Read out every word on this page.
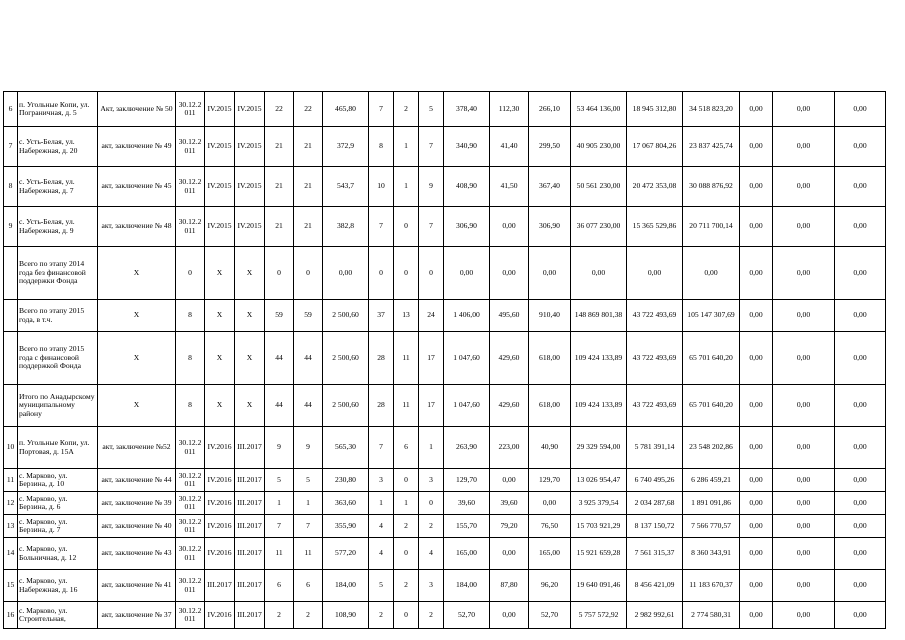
6	п. Угольные Копи, ул. Пограничная, д. 5	Акт, заключение № 50	30.12.2011	IV.2015	IV.2015	22	22	465,80	7	2	5	378,40	112,30	266,10	53 464 136,00	18 945 312,80	34 518 823,20	0,00	0,00	0,00
7	с. Усть-Белая, ул. Набережная, д. 20	акт, заключение № 49	30.12.2011	IV.2015	IV.2015	21	21	372,9	8	1	7	340,90	41,40	299,50	40 905 230,00	17 067 804,26	23 837 425,74	0,00	0,00	0,00
8	с. Усть-Белая, ул. Набережная, д. 7	акт, заключение № 45	30.12.2011	IV.2015	IV.2015	21	21	543,7	10	1	9	408,90	41,50	367,40	50 561 230,00	20 472 353,08	30 088 876,92	0,00	0,00	0,00
9	с. Усть-Белая, ул. Набережная, д. 9	акт, заключение № 48	30.12.2011	IV.2015	IV.2015	21	21	382,8	7	0	7	306,90	0,00	306,90	36 077 230,00	15 365 529,86	20 711 700,14	0,00	0,00	0,00
	Всего по этапу 2014 года без финансовой поддержки Фонда	X	0	X	X	0	0	0,00	0	0	0	0,00	0,00	0,00	0,00	0,00	0,00	0,00	0,00	0,00
	Всего по этапу 2015 года, в т.ч.	X	8	X	X	59	59	2 500,60	37	13	24	1 406,00	495,60	910,40	148 869 801,38	43 722 493,69	105 147 307,69	0,00	0,00	0,00
	Всего по этапу 2015 года с финансовой поддержкой Фонда	X	8	X	X	44	44	2 500,60	28	11	17	1 047,60	429,60	618,00	109 424 133,89	43 722 493,69	65 701 640,20	0,00	0,00	0,00
	Итого по Анадырскому муниципальному району	X	8	X	X	44	44	2 500,60	28	11	17	1 047,60	429,60	618,00	109 424 133,89	43 722 493,69	65 701 640,20	0,00	0,00	0,00
10	п. Угольные Копи, ул. Портовая, д. 15А	акт, заключение №52	30.12.2011	IV.2016	III.2017	9	9	565,30	7	6	1	263,90	223,00	40,90	29 329 594,00	5 781 391,14	23 548 202,86	0,00	0,00	0,00
11	с. Марково, ул. Берзина, д. 10	акт, заключение № 44	30.12.2011	IV.2016	III.2017	5	5	230,80	3	0	3	129,70	0,00	129,70	13 026 954,47	6 740 495,26	6 286 459,21	0,00	0,00	0,00
12	с. Марково, ул. Берзина, д. 6	акт, заключение № 39	30.12.2011	IV.2016	III.2017	1	1	363,60	1	1	0	39,60	39,60	0,00	3 925 379,54	2 034 287,68	1 891 091,86	0,00	0,00	0,00
13	с. Марково, ул. Берзина, д. 7	акт, заключение № 40	30.12.2011	IV.2016	III.2017	7	7	355,90	4	2	2	155,70	79,20	76,50	15 703 921,29	8 137 150,72	7 566 770,57	0,00	0,00	0,00
14	с. Марково, ул. Больничная, д. 12	акт, заключение № 43	30.12.2011	IV.2016	III.2017	11	11	577,20	4	0	4	165,00	0,00	165,00	15 921 659,28	7 561 315,37	8 360 343,91	0,00	0,00	0,00
15	с. Марково, ул. Набережная, д. 16	акт, заключение № 41	30.12.2011	III.2017	III.2017	6	6	184,00	5	2	3	184,00	87,80	96,20	19 640 091,46	8 456 421,09	11 183 670,37	0,00	0,00	0,00
16	с. Марково, ул. Строительная,	акт, заключение № 37	30.12.2011	IV.2016	III.2017	2	2	108,90	2	0	2	52,70	0,00	52,70	5 757 572,92	2 982 992,61	2 774 580,31	0,00	0,00	0,00
